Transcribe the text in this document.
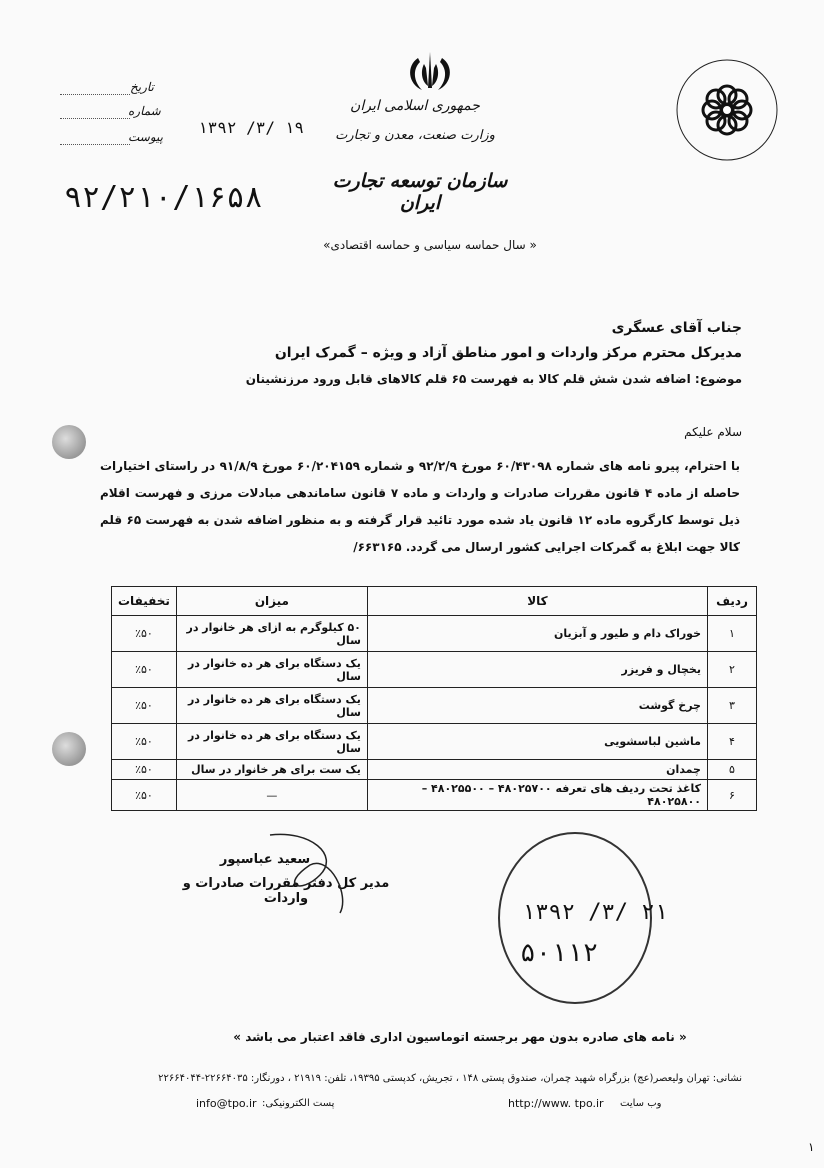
جمهوری اسلامی ایران
وزارت صنعت، معدن و تجارت
سازمان توسعه تجارت ایران
تاریخ
شماره
پیوست ۱۳۹۲ /۳/ ۱۹
۹۲/۲۱۰/۱۶۵۸
« سال حماسه سیاسی و حماسه اقتصادی»
جناب آقای عسگری
مدیرکل محترم مرکز واردات و امور مناطق آزاد و ویژه – گمرک ایران
موضوع: اضافه شدن شش قلم کالا به فهرست ۶۵ قلم کالاهای قابل ورود مرزنشینان
سلام علیکم
با احترام، پیرو نامه های شماره ۶۰/۴۳۰۹۸ مورخ ۹۲/۲/۹ و شماره ۶۰/۲۰۴۱۵۹ مورخ ۹۱/۸/۹ در راستای اختیارات حاصله از ماده ۴ قانون مقررات صادرات و واردات و ماده ۷ قانون ساماندهی مبادلات مرزی و فهرست اقلام ذیل توسط کارگروه ماده ۱۲ قانون یاد شده مورد تائید قرار گرفته و به منظور اضافه شدن به فهرست ۶۵ قلم کالا جهت ابلاغ به گمرکات اجرایی کشور ارسال می گردد. ۶۶۳۱۶۵/
ردیف	کالا	میزان	تخفیفات
۱	خوراک دام و طیور و آبزیان	۵۰ کیلوگرم به ازای هر خانوار در سال	٪۵۰
۲	یخچال و فریزر	یک دستگاه برای هر ده خانوار در سال	٪۵۰
۳	چرخ گوشت	یک دستگاه برای هر ده خانوار در سال	٪۵۰
۴	ماشین لباسشویی	یک دستگاه برای هر ده خانوار در سال	٪۵۰
۵	چمدان	یک ست برای هر خانوار در سال	٪۵۰
۶	کاغذ تحت ردیف های تعرفه ۴۸۰۲۵۷۰۰ – ۴۸۰۲۵۵۰۰ – ۴۸۰۲۵۸۰۰	—	٪۵۰
سعید عباسپور
مدیر کل دفتر مقررات صادرات و واردات
۱۳۹۲ /۳/ ۲۱
۵۰۱۱۲
« نامه های صادره بدون مهر برجسته اتوماسیون اداری فاقد اعتبار می باشد »
نشانی: تهران ولیعصر(عج) بزرگراه شهید چمران، صندوق پستی ۱۴۸ ، تجریش، کدپستی ۱۹۳۹۵، تلفن: ۲۱۹۱۹ ، دورنگار: ۲۲۶۶۴۰۳۵-۲۲۶۶۴۰۴۴
وب سایت
http://www. tpo.ir
پست الکترونیکی:
info@tpo.ir
١
